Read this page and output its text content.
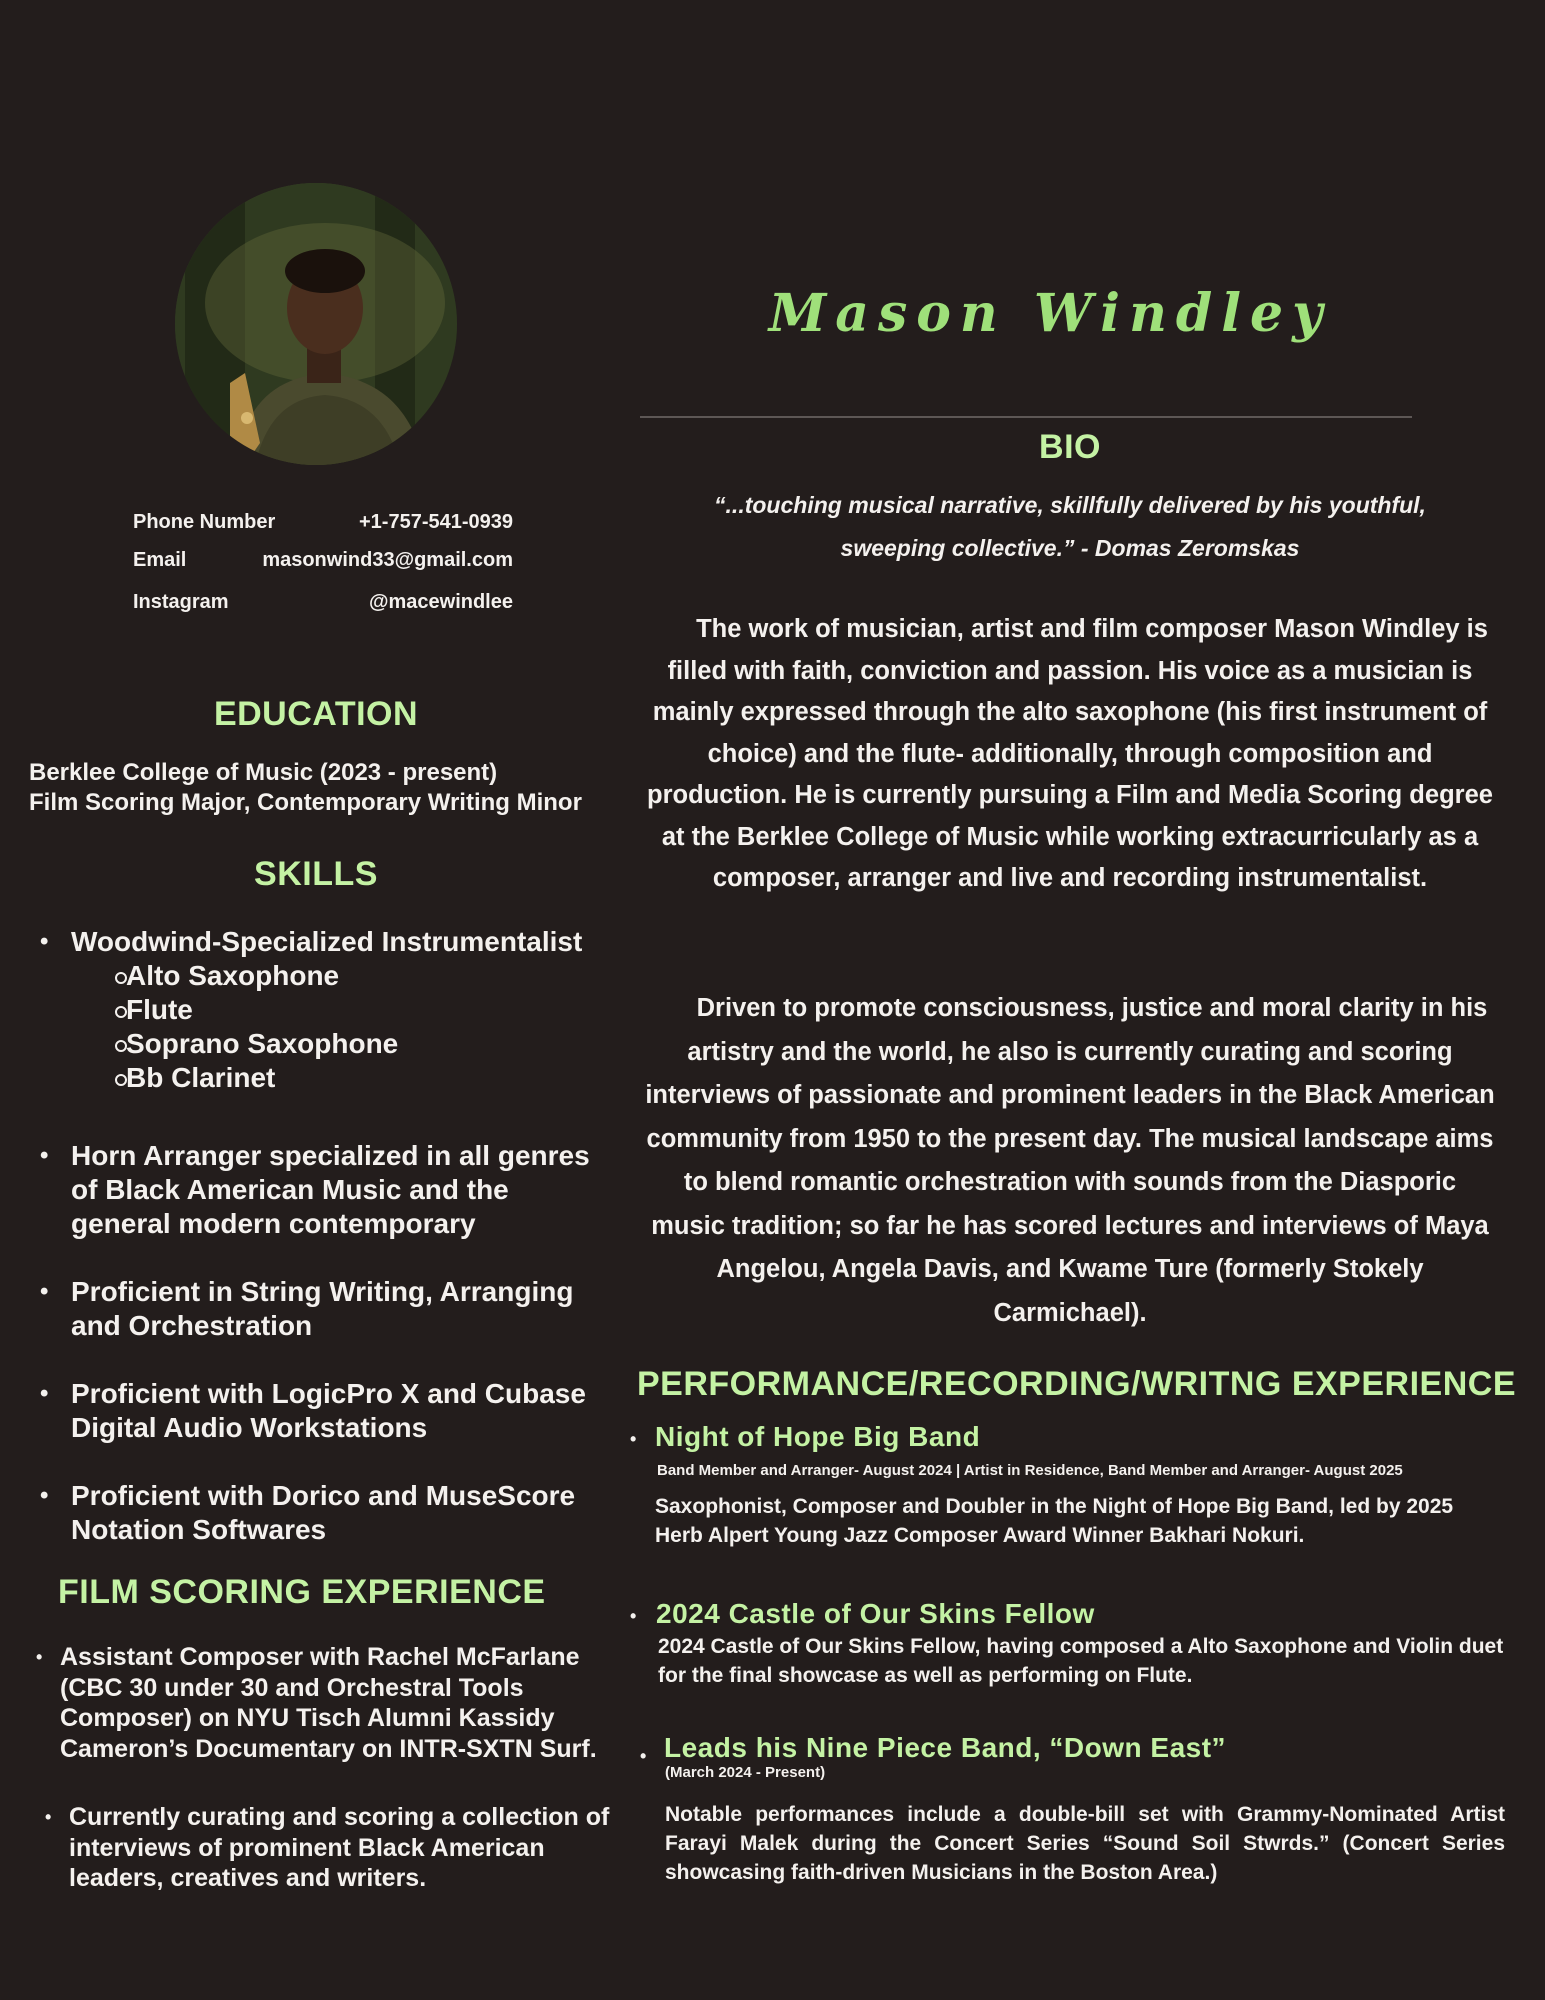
Phone Number	+1-757-541-0939
Email	masonwind33@gmail.com
Instagram	@macewindlee
EDUCATION
Berklee College of Music (2023 - present)
Film Scoring Major, Contemporary Writing Minor
SKILLS
• Woodwind-Specialized Instrumentalist
Alto Saxophone
Flute
Soprano Saxophone
Bb Clarinet
• Horn Arranger specialized in all genres of Black American Music and the general modern contemporary
• Proficient in String Writing, Arranging and Orchestration
• Proficient with LogicPro X and Cubase Digital Audio Workstations
• Proficient with Dorico and MuseScore Notation Softwares
FILM SCORING EXPERIENCE
• Assistant Composer with Rachel McFarlane (CBC 30 under 30 and Orchestral Tools Composer) on NYU Tisch Alumni Kassidy Cameron’s Documentary on INTR-SXTN Surf.
• Currently curating and scoring a collection of interviews of prominent Black American leaders, creatives and writers.
Mason Windley
BIO
“...touching musical narrative, skillfully delivered by his youthful,
sweeping collective.” - Domas Zeromskas
The work of musician, artist and film composer Mason Windley is filled with faith, conviction and passion. His voice as a musician is mainly expressed through the alto saxophone (his first instrument of choice) and the flute- additionally, through composition and production. He is currently pursuing a Film and Media Scoring degree at the Berklee College of Music while working extracurricularly as a composer, arranger and live and recording instrumentalist.
Driven to promote consciousness, justice and moral clarity in his artistry and the world, he also is currently curating and scoring interviews of passionate and prominent leaders in the Black American community from 1950 to the present day. The musical landscape aims to blend romantic orchestration with sounds from the Diasporic music tradition; so far he has scored lectures and interviews of Maya Angelou, Angela Davis, and Kwame Ture (formerly Stokely Carmichael).
PERFORMANCE/RECORDING/WRITNG EXPERIENCE
• Night of Hope Big Band
Band Member and Arranger- August 2024 | Artist in Residence, Band Member and Arranger- August 2025
Saxophonist, Composer and Doubler in the Night of Hope Big Band, led by 2025 Herb Alpert Young Jazz Composer Award Winner Bakhari Nokuri.
• 2024 Castle of Our Skins Fellow
2024 Castle of Our Skins Fellow, having composed a Alto Saxophone and Violin duet for the final showcase as well as performing on Flute.
• Leads his Nine Piece Band, “Down East”
(March 2024 - Present)
Notable performances include a double-bill set with Grammy-Nominated Artist Farayi Malek during the Concert Series “Sound Soil Stwrds.” (Concert Series showcasing faith-driven Musicians in the Boston Area.)
